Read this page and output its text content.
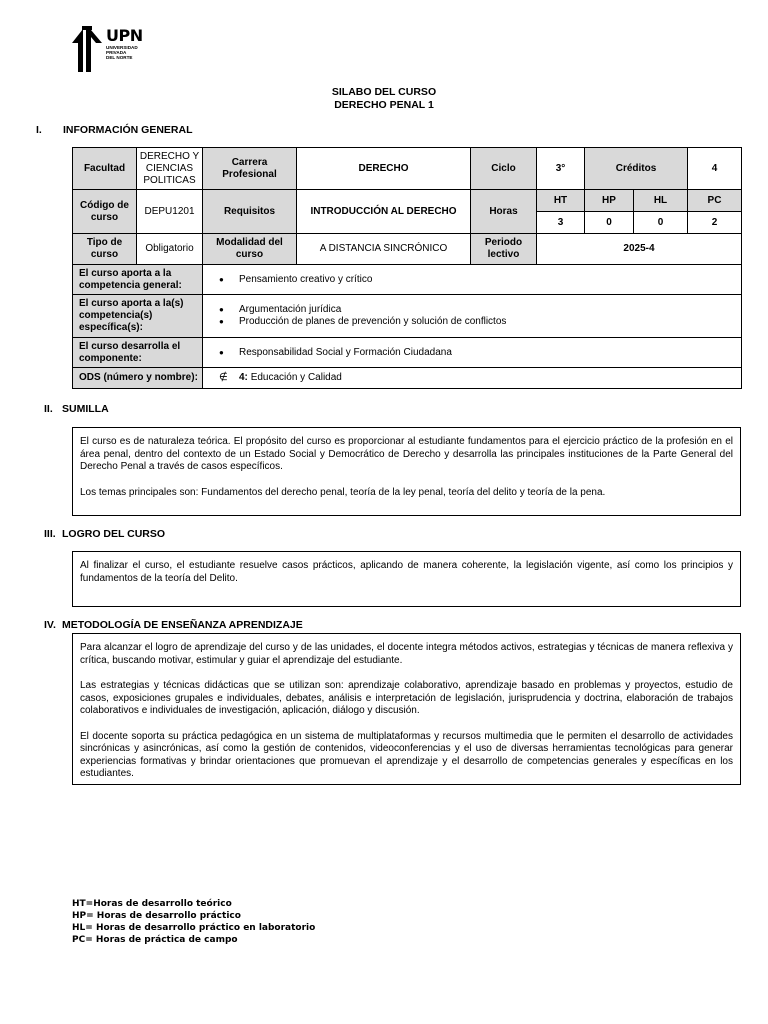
UPN
UNIVERSIDAD
PRIVADA
DEL NORTE
SILABO DEL CURSO
DERECHO PENAL 1
I. INFORMACIÓN GENERAL
Facultad	DERECHO Y CIENCIAS POLITICAS	Carrera Profesional	DERECHO	Ciclo	3°	Créditos		4
Código de curso	DEPU1201	Requisitos	INTRODUCCIÓN AL DERECHO	Horas	HT	HP	HL	PC
					3	0	0	2
Tipo de curso	Obligatorio	Modalidad del curso	A DISTANCIA SINCRÓNICO	Periodo lectivo	2025-4			
El curso aporta a la competencia general:		● Pensamiento creativo y crítico						

El curso aporta a la(s) competencia(s) específica(s):		● Argumentación jurídica
● Producción de planes de prevención y solución de conflictos						

El curso desarrolla el componente:		● Responsabilidad Social y Formación Ciudadana						

ODS (número y nombre):		∉ 4: Educación y Calidad						
II. SUMILLA

El curso es de naturaleza teórica. El propósito del curso es proporcionar al estudiante fundamentos para el ejercicio práctico de la profesión en el área penal, dentro del contexto de un Estado Social y Democrático de Derecho y desarrolla las principales instituciones de la Parte General del Derecho Penal a través de casos específicos.

Los temas principales son: Fundamentos del derecho penal, teoría de la ley penal, teoría del delito y teoría de la pena.

III. LOGRO DEL CURSO

Al finalizar el curso, el estudiante resuelve casos prácticos, aplicando de manera coherente, la legislación vigente, así como los principios y fundamentos de la teoría del Delito.

IV. METODOLOGÍA DE ENSEÑANZA APRENDIZAJE

Para alcanzar el logro de aprendizaje del curso y de las unidades, el docente integra métodos activos, estrategias y técnicas de manera reflexiva y crítica, buscando motivar, estimular y guiar el aprendizaje del estudiante.

Las estrategias y técnicas didácticas que se utilizan son: aprendizaje colaborativo, aprendizaje basado en problemas y proyectos, estudio de casos, exposiciones grupales e individuales, debates, análisis e interpretación de legislación, jurisprudencia y doctrina, elaboración de trabajos colaborativos e individuales de investigación, aplicación, diálogo y discusión.

El docente soporta su práctica pedagógica en un sistema de multiplataformas y recursos multimedia que le permiten el desarrollo de actividades sincrónicas y asincrónicas, así como la gestión de contenidos, videoconferencias y el uso de diversas herramientas tecnológicas para generar experiencias formativas y brindar orientaciones que promuevan el aprendizaje y el desarrollo de competencias generales y específicas en los estudiantes.

HT=Horas de desarrollo teórico
HP= Horas de desarrollo práctico
HL= Horas de desarrollo práctico en laboratorio
PC= Horas de práctica de campo
